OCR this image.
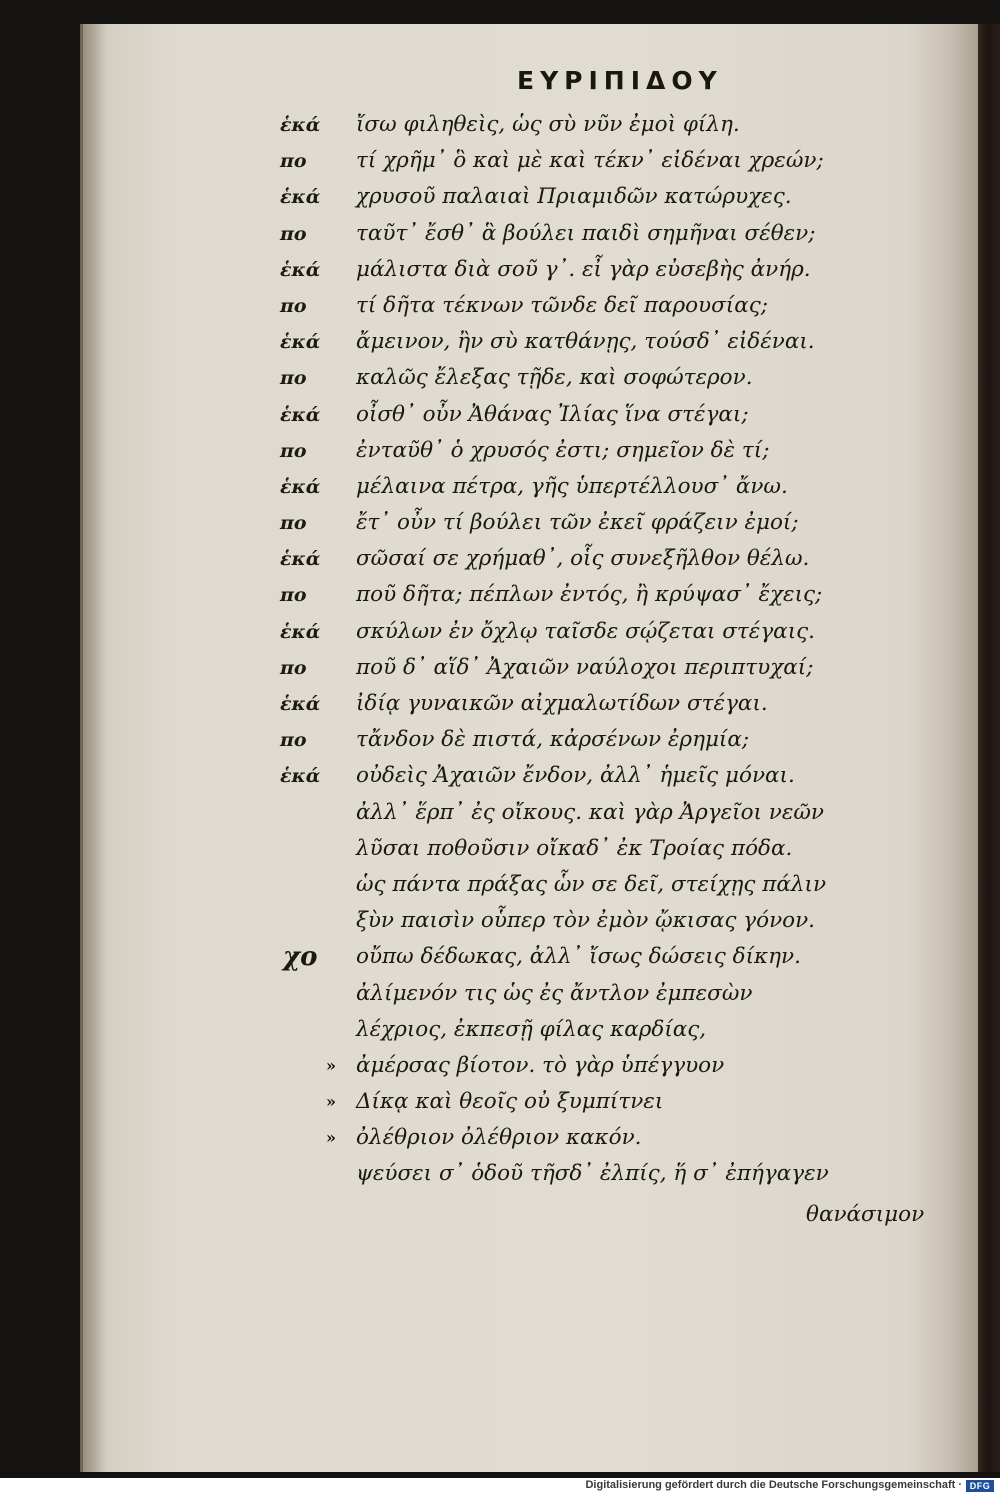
ΕΥΡΙΠΙΔΟΥ
ἑκά	ἴσω φιληθεὶς, ὡς σὺ νῦν ἐμοὶ φίλη.
πο	τί χρῆμ᾽ ὃ καὶ μὲ καὶ τέκν᾽ εἰδέναι χρεών;
ἑκά	χρυσοῦ παλαιαὶ Πριαμιδῶν κατώρυχες.
πο	ταῦτ᾽ ἔσθ᾽ ἃ βούλει παιδὶ σημῆναι σέθεν;
ἑκά	μάλιστα διὰ σοῦ γ᾽. εἶ γὰρ εὐσεβὴς ἀνήρ.
πο	τί δῆτα τέκνων τῶνδε δεῖ παρουσίας;
ἑκά	ἄμεινον, ἢν σὺ κατθάνῃς, τούσδ᾽ εἰδέναι.
πο	καλῶς ἔλεξας τῇδε, καὶ σοφώτερον.
ἑκά	οἶσθ᾽ οὖν Ἀθάνας Ἰλίας ἵνα στέγαι;
πο	ἐνταῦθ᾽ ὁ χρυσός ἐστι; σημεῖον δὲ τί;
ἑκά	μέλαινα πέτρα, γῆς ὑπερτέλλουσ᾽ ἄνω.
πο	ἔτ᾽ οὖν τί βούλει τῶν ἐκεῖ φράζειν ἐμοί;
ἑκά	σῶσαί σε χρήμαθ᾽, οἷς συνεξῆλθον θέλω.
πο	ποῦ δῆτα; πέπλων ἐντός, ἢ κρύψασ᾽ ἔχεις;
ἑκά	σκύλων ἐν ὄχλῳ ταῖσδε σῴζεται στέγαις.
πο	ποῦ δ᾽ αἵδ᾽ Ἀχαιῶν ναύλοχοι περιπτυχαί;
ἑκά	ἰδίᾳ γυναικῶν αἰχμαλωτίδων στέγαι.
πο	τἄνδον δὲ πιστά, κἀρσένων ἐρημία;
ἑκά	οὐδεὶς Ἀχαιῶν ἔνδον, ἀλλ᾽ ἡμεῖς μόναι.
ἀλλ᾽ ἕρπ᾽ ἐς οἴκους. καὶ γὰρ Ἀργεῖοι νεῶν
λῦσαι ποθοῦσιν οἴκαδ᾽ ἐκ Τροίας πόδα.
ὡς πάντα πράξας ὧν σε δεῖ, στείχῃς πάλιν
ξὺν παισὶν οὗπερ τὸν ἐμὸν ᾤκισας γόνον.
χο οὔπω δέδωκας, ἀλλ᾽ ἴσως δώσεις δίκην.
ἀλίμενόν τις ὡς ἐς ἄντλον ἐμπεσὼν
λέχριος, ἐκπεσῇ φίλας καρδίας,
» ἀμέρσας βίοτον. τὸ γὰρ ὑπέγγυον
» Δίκᾳ καὶ θεοῖς οὐ ξυμπίτνει
» ὀλέθριον ὀλέθριον κακόν.
ψεύσει σ᾽ ὁδοῦ τῆσδ᾽ ἐλπίς, ἥ σ᾽ ἐπήγαγεν
θανάσιμον
Digitalisierung gefördert durch die Deutsche Forschungsgemeinschaft · DFG
